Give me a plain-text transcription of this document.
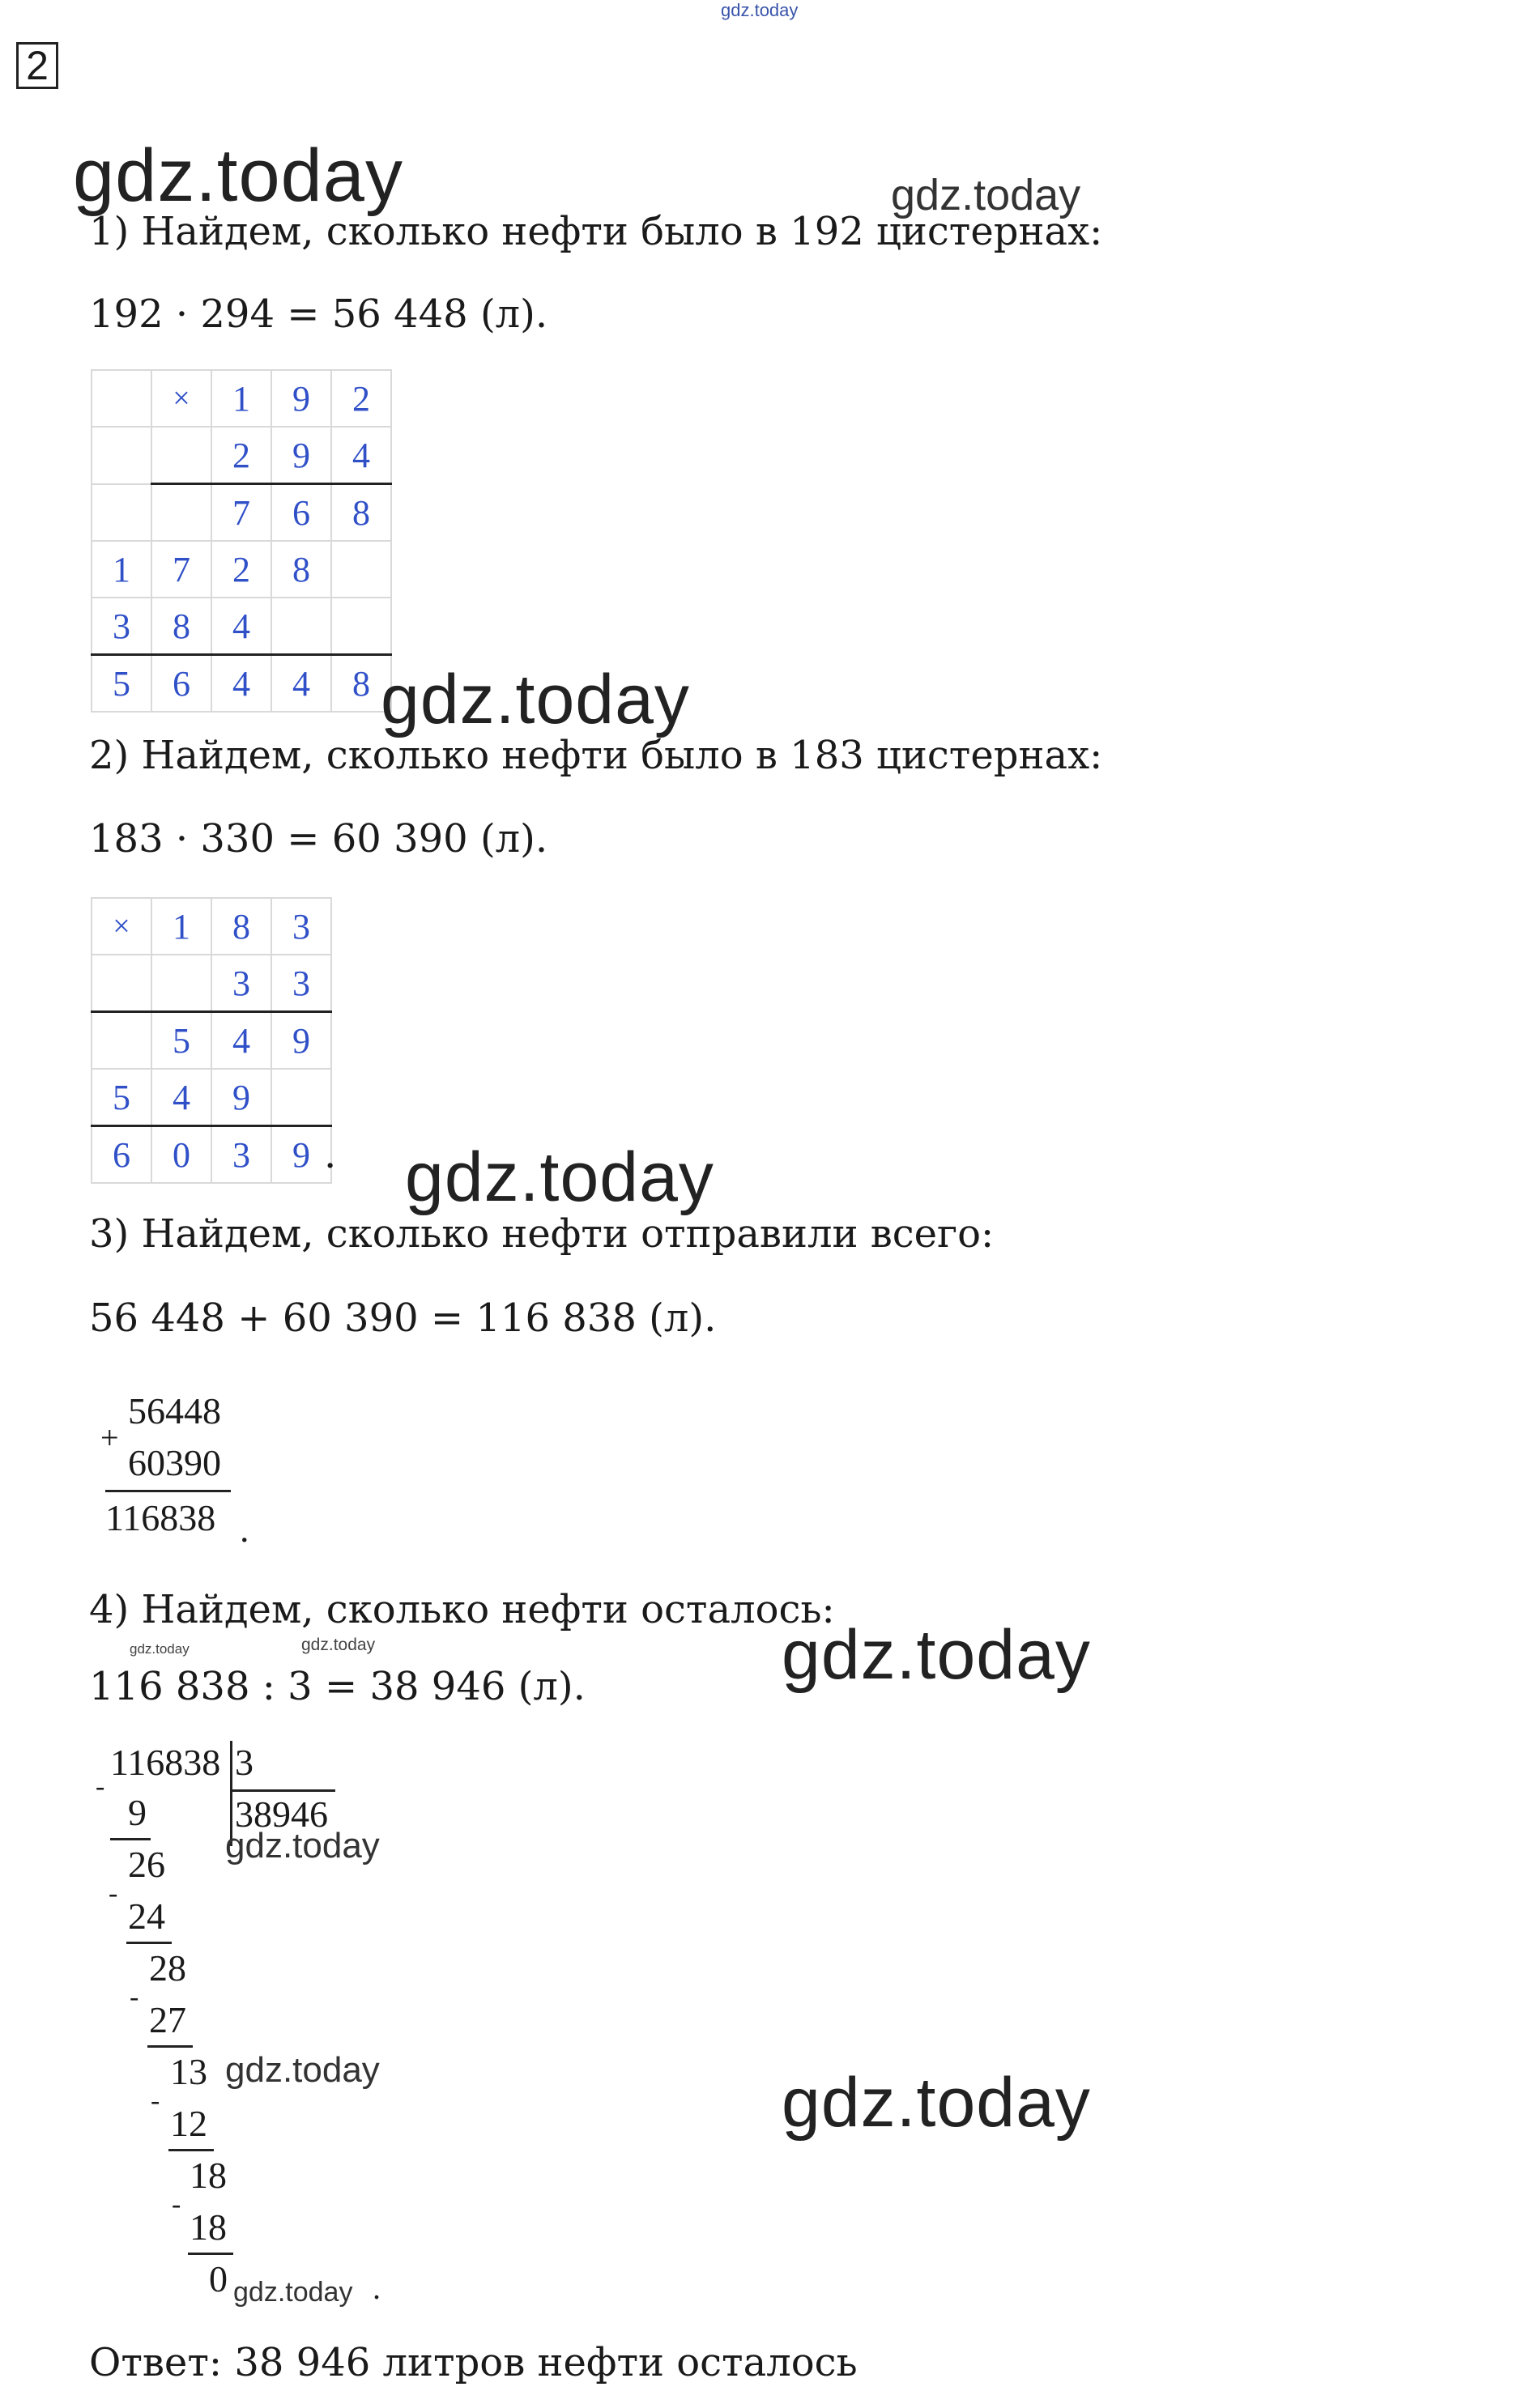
gdz.today
2
gdz.today	gdz.today
1) Найдем, сколько нефти было в 192 цистернах:
192 · 294 = 56 448 (л).
	×	1	9	2
		2	9	4
		7	6	8
1	7	2	8	
3	8	4		
5	6	4	4	8 gdz.today
2) Найдем, сколько нефти было в 183 цистернах:
183 · 330 = 60 390 (л).
×	1	8	3
		3	3
	5	4	9
5	4	9	
6	0	3	9 . gdz.today
3) Найдем, сколько нефти отправили всего:
56 448 + 60 390 = 116 838 (л).
+
56448
60390
116838 .
4) Найдем, сколько нефти осталось:
gdz.today	gdz.today	gdz.today
116 838 : 3 = 38 946 (л).
116838 3
38946
-
9
26
-
24
28
-
27
13
-
12
18
-
18
0
gdz.today
gdz.today	gdz.today
gdz.today .
Ответ: 38 946 литров нефти осталось
